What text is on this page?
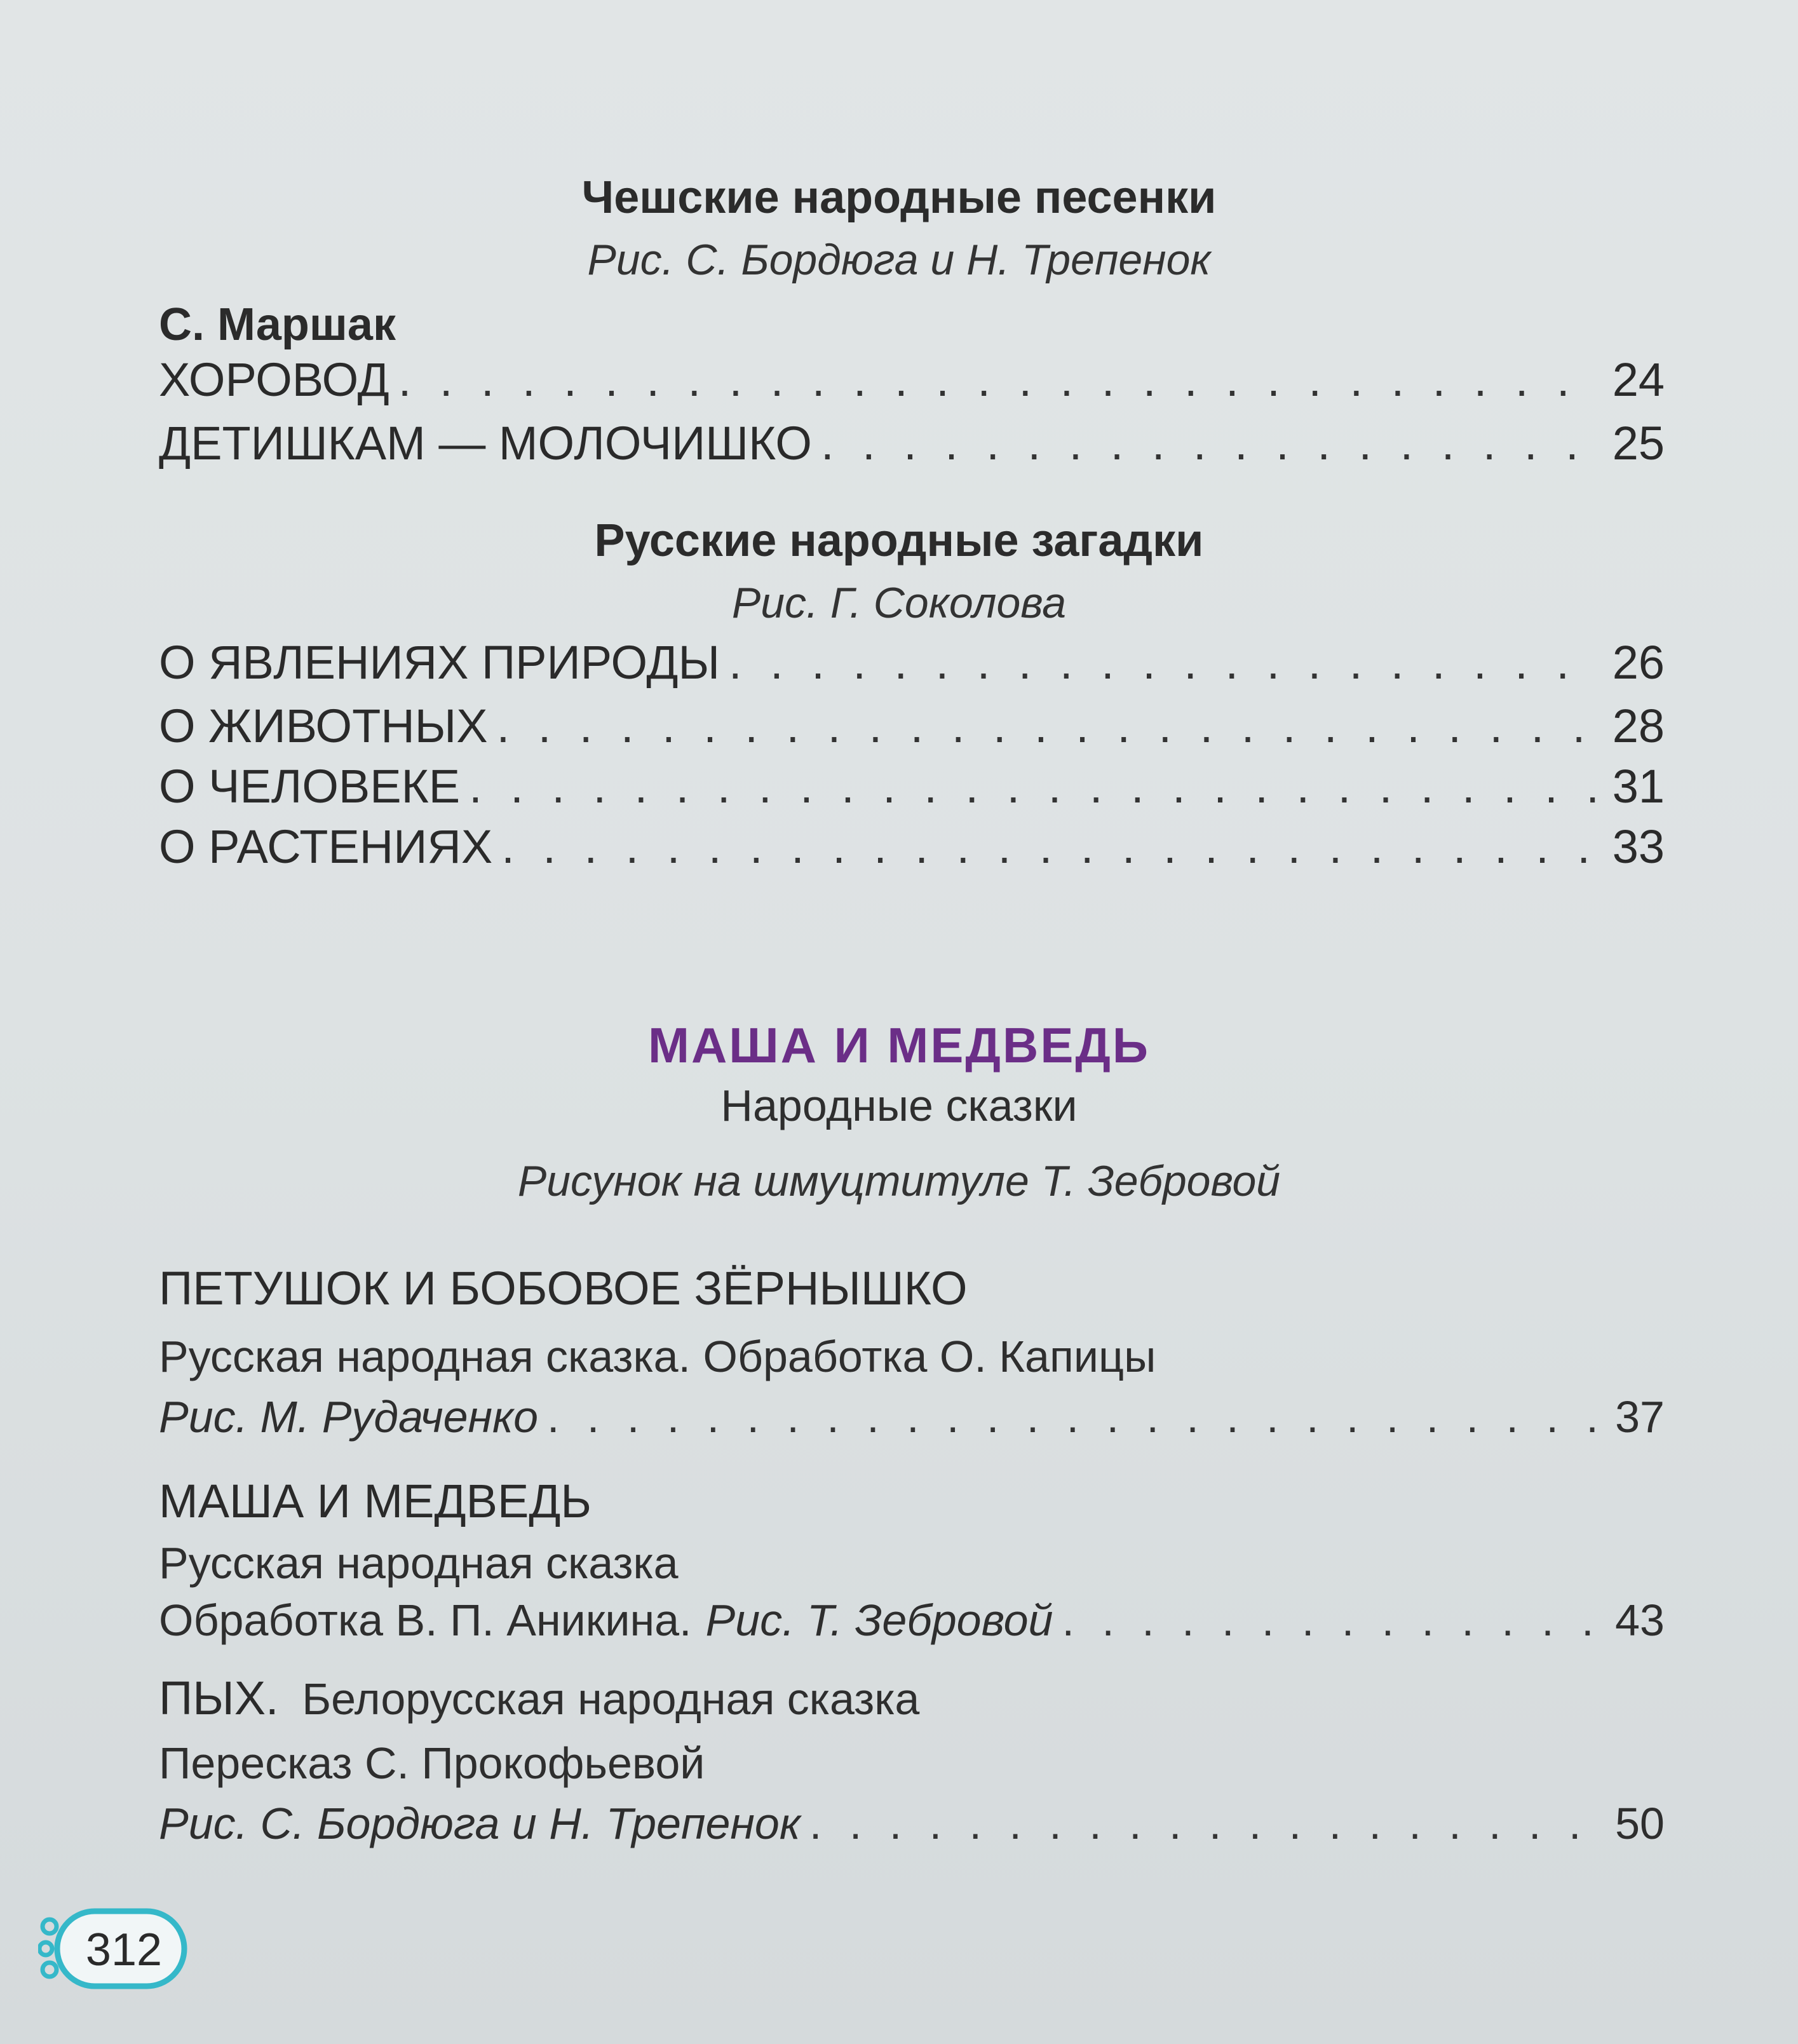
Чешские народные песенки
Рис. С. Бордюга и Н. Трепенок
С. Маршак
ХОРОВОД . . .	24
ДЕТИШКАМ — МОЛОЧИШКО . . .	25
Русские народные загадки
Рис. Г. Соколова
О ЯВЛЕНИЯХ ПРИРОДЫ . . .	26
О ЖИВОТНЫХ . . .	28
О ЧЕЛОВЕКЕ . . .	31
О РАСТЕНИЯХ . . .	33
МАША И МЕДВЕДЬ
Народные сказки
Рисунок на шмуцтитуле Т. Зебровой
ПЕТУШОК И БОБОВОЕ ЗЁРНЫШКО
Русская народная сказка. Обработка О. Капицы
Рис. М. Рудаченко . . .	37
МАША И МЕДВЕДЬ
Русская народная сказка
Обработка В. П. Аникина. Рис. Т. Зебровой . . .	43
ПЫХ. Белорусская народная сказка
Пересказ С. Прокофьевой
Рис. С. Бордюга и Н. Трепенок . . .	50
312
